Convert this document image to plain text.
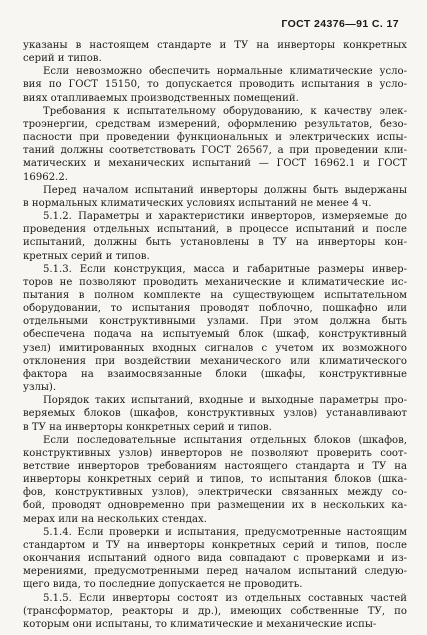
ГОСТ 24376—91 С. 17
указаны в настоящем стандарте и ТУ на инверторы конкретных
серий и типов.
Если невозможно обеспечить нормальные климатические усло-
вия по ГОСТ 15150, то допускается проводить испытания в усло-
виях отапливаемых производственных помещений.
Требования к испытательному оборудованию, к качеству элек-
троэнергии, средствам измерений, оформлению результатов, безо-
пасности при проведении функциональных и электрических испы-
таний должны соответствовать ГОСТ 26567, а при проведении кли-
матических и механических испытаний — ГОСТ 16962.1 и ГОСТ
16962.2.
Перед началом испытаний инверторы должны быть выдержаны
в нормальных климатических условиях испытаний не менее 4 ч.
5.1.2. Параметры и характеристики инверторов, измеряемые до
проведения отдельных испытаний, в процессе испытаний и после
испытаний, должны быть установлены в ТУ на инверторы кон-
кретных серий и типов.
5.1.3. Если конструкция, масса и габаритные размеры инвер-
торов не позволяют проводить механические и климатические ис-
пытания в полном комплекте на существующем испытательном
оборудовании, то испытания проводят поблочно, пошкафно или
отдельными конструктивными узлами. При этом должна быть
обеспечена подача на испытуемый блок (шкаф, конструктивный
узел) имитированных входных сигналов с учетом их возможного
отклонения при воздействии механического или климатического
фактора на взаимосвязанные блоки (шкафы, конструктивные
узлы).
Порядок таких испытаний, входные и выходные параметры про-
веряемых блоков (шкафов, конструктивных узлов) устанавливают
в ТУ на инверторы конкретных серий и типов.
Если последовательные испытания отдельных блоков (шкафов,
конструктивных узлов) инверторов не позволяют проверить соот-
ветствие инверторов требованиям настоящего стандарта и ТУ на
инверторы конкретных серий и типов, то испытания блоков (шка-
фов, конструктивных узлов), электрически связанных между со-
бой, проводят одновременно при размещении их в нескольких ка-
мерах или на нескольких стендах.
5.1.4. Если проверки и испытания, предусмотренные настоящим
стандартом и ТУ на инверторы конкретных серий и типов, после
окончания испытаний одного вида совпадают с проверками и из-
мерениями, предусмотренными перед началом испытаний следую-
щего вида, то последние допускается не проводить.
5.1.5. Если инверторы состоят из отдельных составных частей
(трансформатор, реакторы и др.), имеющих собственные ТУ, по
которым они испытаны, то климатические и механические испы-
